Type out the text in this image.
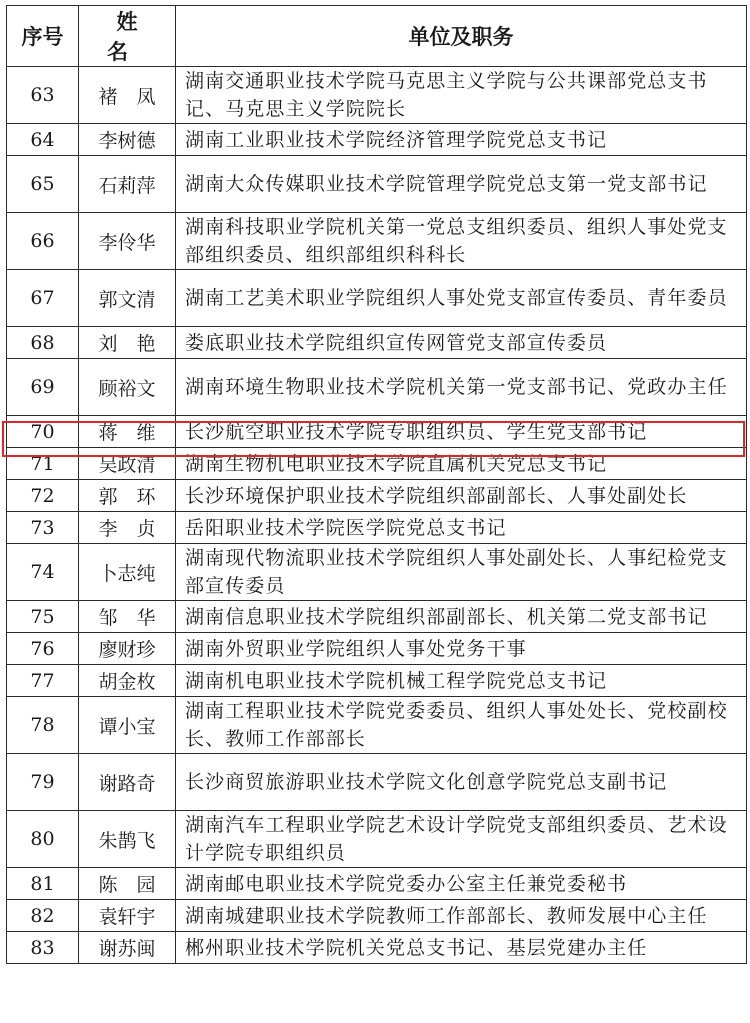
序号	姓名	单位及职务
63	褚　凤	湖南交通职业技术学院马克思主义学院与公共课部党总支书记、马克思主义学院院长
64	李树德	湖南工业职业技术学院经济管理学院党总支书记
65	石莉萍	湖南大众传媒职业技术学院管理学院党总支第一党支部书记
66	李伶华	湖南科技职业学院机关第一党总支组织委员、组织人事处党支部组织委员、组织部组织科科长
67	郭文清	湖南工艺美术职业学院组织人事处党支部宣传委员、青年委员
68	刘　艳	娄底职业技术学院组织宣传网管党支部宣传委员
69	顾裕文	湖南环境生物职业技术学院机关第一党支部书记、党政办主任
70	蒋　维	长沙航空职业技术学院专职组织员、学生党支部书记
71	吴政清	湖南生物机电职业技术学院直属机关党总支书记
72	郭　环	长沙环境保护职业技术学院组织部副部长、人事处副处长
73	李　贞	岳阳职业技术学院医学院党总支书记
74	卜志纯	湖南现代物流职业技术学院组织人事处副处长、人事纪检党支部宣传委员
75	邹　华	湖南信息职业技术学院组织部副部长、机关第二党支部书记
76	廖财珍	湖南外贸职业学院组织人事处党务干事
77	胡金枚	湖南机电职业技术学院机械工程学院党总支书记
78	谭小宝	湖南工程职业技术学院党委委员、组织人事处处长、党校副校长、教师工作部部长
79	谢路奇	长沙商贸旅游职业技术学院文化创意学院党总支副书记
80	朱鹊飞	湖南汽车工程职业学院艺术设计学院党支部组织委员、艺术设计学院专职组织员
81	陈　园	湖南邮电职业技术学院党委办公室主任兼党委秘书
82	袁轩宇	湖南城建职业技术学院教师工作部部长、教师发展中心主任
83	谢苏闽	郴州职业技术学院机关党总支书记、基层党建办主任
